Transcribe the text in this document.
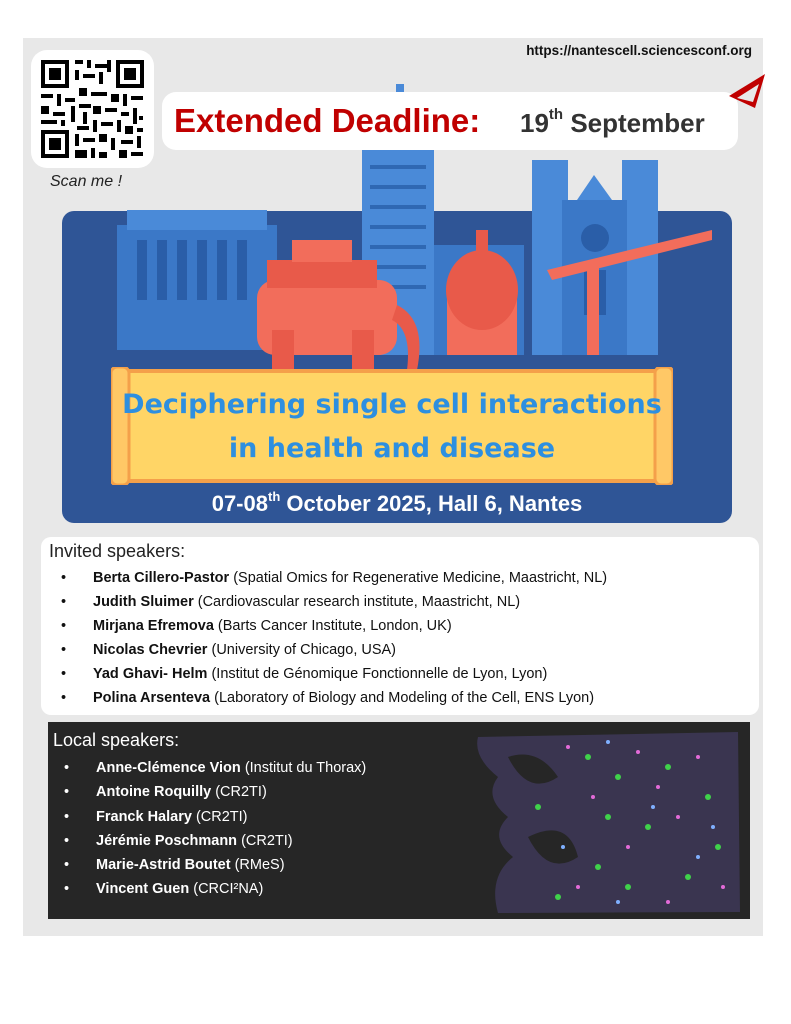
https://nantescell.sciencesconf.org
Scan me !
Deciphering single cell interactions
in health and disease
07-08th October 2025, Hall 6, Nantes
Extended Deadline: 19th September
Invited speakers:
• Berta Cillero-Pastor (Spatial Omics for Regenerative Medicine, Maastricht, NL)
• Judith Sluimer (Cardiovascular research institute, Maastricht, NL)
• Mirjana Efremova (Barts Cancer Institute, London, UK)
• Nicolas Chevrier (University of Chicago, USA)
• Yad Ghavi- Helm (Institut de Génomique Fonctionnelle de Lyon, Lyon)
• Polina Arsenteva (Laboratory of Biology and Modeling of the Cell, ENS Lyon)
Local speakers:
• Anne-Clémence Vion (Institut du Thorax)
• Antoine Roquilly (CR2TI)
• Franck Halary (CR2TI)
• Jérémie Poschmann (CR2TI)
• Marie-Astrid Boutet (RMeS)
• Vincent Guen (CRCI²NA)
